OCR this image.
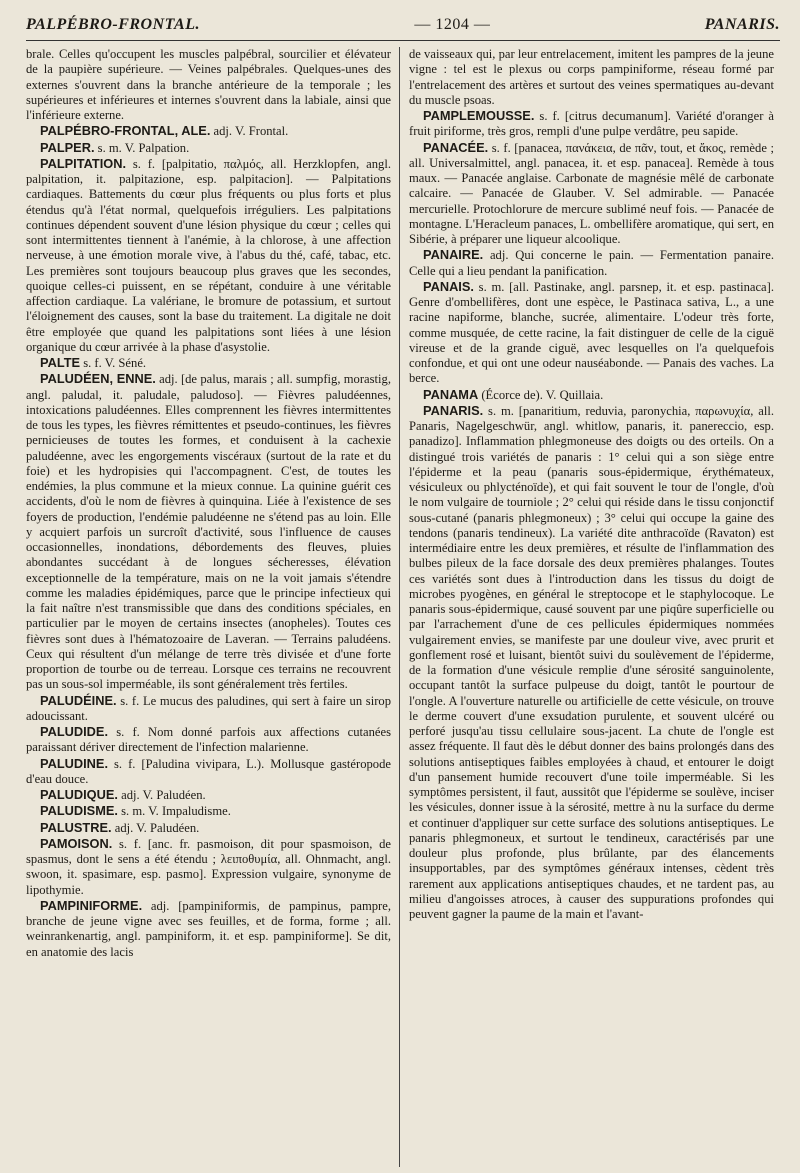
PALPÉBRO-FRONTAL.	— 1204 —	PANARIS.

brale. Celles qu'occupent les muscles palpébral, sourcilier et élévateur de la paupière supérieure. — Veines palpébrales. Quelques-unes des externes s'ouvrent dans la branche antérieure de la temporale ; les supérieures et inférieures et internes s'ouvrent dans la labiale, ainsi que l'inférieure externe.

PALPÉBRO-FRONTAL, ALE. adj. V. Frontal.

PALPER. s. m. V. Palpation.

PALPITATION. s. f. [palpitatio, παλμός, all. Herzklopfen, angl. palpitation, it. palpitazione, esp. palpitacion]. — Palpitations cardiaques. Battements du cœur plus fréquents ou plus forts et plus étendus qu'à l'état normal, quelquefois irréguliers. Les palpitations continues dépendent souvent d'une lésion physique du cœur ; celles qui sont intermittentes tiennent à l'anémie, à la chlorose, à une affection nerveuse, à une émotion morale vive, à l'abus du thé, café, tabac, etc. Les premières sont toujours beaucoup plus graves que les secondes, quoique celles-ci puissent, en se répétant, conduire à une véritable affection cardiaque. La valériane, le bromure de potassium, et surtout l'éloignement des causes, sont la base du traitement. La digitale ne doit être employée que quand les palpitations sont liées à une lésion organique du cœur arrivée à la phase d'asystolie.

PALTE s. f. V. Séné.

PALUDÉEN, ENNE. adj. [de palus, marais ; all. sumpfig, morastig, angl. paludal, it. paludale, paludoso]. — Fièvres paludéennes, intoxications paludéennes. Elles comprennent les fièvres intermittentes de tous les types, les fièvres rémittentes et pseudo-continues, les fièvres pernicieuses de toutes les formes, et conduisent à la cachexie paludéenne, avec les engorgements viscéraux (surtout de la rate et du foie) et les hydropisies qui l'accompagnent. C'est, de toutes les endémies, la plus commune et la mieux connue. La quinine guérit ces accidents, d'où le nom de fièvres à quinquina. Liée à l'existence de ses foyers de production, l'endémie paludéenne ne s'étend pas au loin. Elle y acquiert parfois un surcroît d'activité, sous l'influence de causes occasionnelles, inondations, débordements des fleuves, pluies abondantes succédant à de longues sécheresses, élévation exceptionnelle de la température, mais on ne la voit jamais s'étendre comme les maladies épidémiques, parce que le principe infectieux qui la fait naître n'est transmissible que dans des conditions spéciales, en particulier par le moyen de certains insectes (anopheles). Toutes ces fièvres sont dues à l'hématozoaire de Laveran. — Terrains paludéens. Ceux qui résultent d'un mélange de terre très divisée et d'une forte proportion de tourbe ou de terreau. Lorsque ces terrains ne recouvrent pas un sous-sol imperméable, ils sont généralement très fertiles.

PALUDÉINE. s. f. Le mucus des paludines, qui sert à faire un sirop adoucissant.

PALUDIDE. s. f. Nom donné parfois aux affections cutanées paraissant dériver directement de l'infection malarienne.

PALUDINE. s. f. [Paludina vivipara, L.). Mollusque gastéropode d'eau douce.

PALUDIQUE. adj. V. Paludéen.

PALUDISME. s. m. V. Impaludisme.

PALUSTRE. adj. V. Paludéen.

PAMOISON. s. f. [anc. fr. pasmoison, dit pour spasmoison, de spasmus, dont le sens a été étendu ; λειποθυμία, all. Ohnmacht, angl. swoon, it. spasimare, esp. pasmo]. Expression vulgaire, synonyme de lipothymie.

PAMPINIFORME. adj. [pampiniformis, de pampinus, pampre, branche de jeune vigne avec ses feuilles, et de forma, forme ; all. weinrankenartig, angl. pampiniform, it. et esp. pampiniforme]. Se dit, en anatomie des lacis

de vaisseaux qui, par leur entrelacement, imitent les pampres de la jeune vigne : tel est le plexus ou corps pampiniforme, réseau formé par l'entrelacement des artères et surtout des veines spermatiques au-devant du muscle psoas.

PAMPLEMOUSSE. s. f. [citrus decumanum]. Variété d'oranger à fruit piriforme, très gros, rempli d'une pulpe verdâtre, peu sapide.

PANACÉE. s. f. [panacea, πανάκεια, de πᾶν, tout, et ἄκος, remède ; all. Universalmittel, angl. panacea, it. et esp. panacea]. Remède à tous maux. — Panacée anglaise. Carbonate de magnésie mêlé de carbonate calcaire. — Panacée de Glauber. V. Sel admirable. — Panacée mercurielle. Protochlorure de mercure sublimé neuf fois. — Panacée de montagne. L'Heracleum panaces, L. ombellifère aromatique, qui sert, en Sibérie, à préparer une liqueur alcoolique.

PANAIRE. adj. Qui concerne le pain. — Fermentation panaire. Celle qui a lieu pendant la panification.

PANAIS. s. m. [all. Pastinake, angl. parsnep, it. et esp. pastinaca]. Genre d'ombellifères, dont une espèce, le Pastinaca sativa, L., a une racine napiforme, blanche, sucrée, alimentaire. L'odeur très forte, comme musquée, de cette racine, la fait distinguer de celle de la ciguë vireuse et de la grande ciguë, avec lesquelles on l'a quelquefois confondue, et qui ont une odeur nauséabonde. — Panais des vaches. La berce.

PANAMA (Écorce de). V. Quillaia.

PANARIS. s. m. [panaritium, reduvia, paronychia, παρωνυχία, all. Panaris, Nagelgeschwür, angl. whitlow, panaris, it. panereccio, esp. panadizo]. Inflammation phlegmoneuse des doigts ou des orteils. On a distingué trois variétés de panaris : 1° celui qui a son siège entre l'épiderme et la peau (panaris sous-épidermique, érythémateux, vésiculeux ou phlycténoïde), et qui fait souvent le tour de l'ongle, d'où le nom vulgaire de tourniole ; 2° celui qui réside dans le tissu conjonctif sous-cutané (panaris phlegmoneux) ; 3° celui qui occupe la gaine des tendons (panaris tendineux). La variété dite anthracoïde (Ravaton) est intermédiaire entre les deux premières, et résulte de l'inflammation des bulbes pileux de la face dorsale des deux premières phalanges. Toutes ces variétés sont dues à l'introduction dans les tissus du doigt de microbes pyogènes, en général le streptocope et le staphylocoque. Le panaris sous-épidermique, causé souvent par une piqûre superficielle ou par l'arrachement d'une de ces pellicules épidermiques nommées vulgairement envies, se manifeste par une douleur vive, avec prurit et gonflement rosé et luisant, bientôt suivi du soulèvement de l'épiderme, de la formation d'une vésicule remplie d'une sérosité sanguinolente, occupant tantôt la surface pulpeuse du doigt, tantôt le pourtour de l'ongle. A l'ouverture naturelle ou artificielle de cette vésicule, on trouve le derme couvert d'une exsudation purulente, et souvent ulcéré ou perforé jusqu'au tissu cellulaire sous-jacent. La chute de l'ongle est assez fréquente. Il faut dès le début donner des bains prolongés dans des solutions antiseptiques faibles employées à chaud, et entourer le doigt d'un pansement humide recouvert d'une toile imperméable. Si les symptômes persistent, il faut, aussitôt que l'épiderme se soulève, inciser les vésicules, donner issue à la sérosité, mettre à nu la surface du derme et continuer d'appliquer sur cette surface des solutions antiseptiques. Le panaris phlegmoneux, et surtout le tendineux, caractérisés par une douleur plus profonde, plus brûlante, par des élancements insupportables, par des symptômes généraux intenses, cèdent très rarement aux applications antiseptiques chaudes, et ne tardent pas, au milieu d'angoisses atroces, à causer des suppurations profondes qui peuvent gagner la paume de la main et l'avant-
